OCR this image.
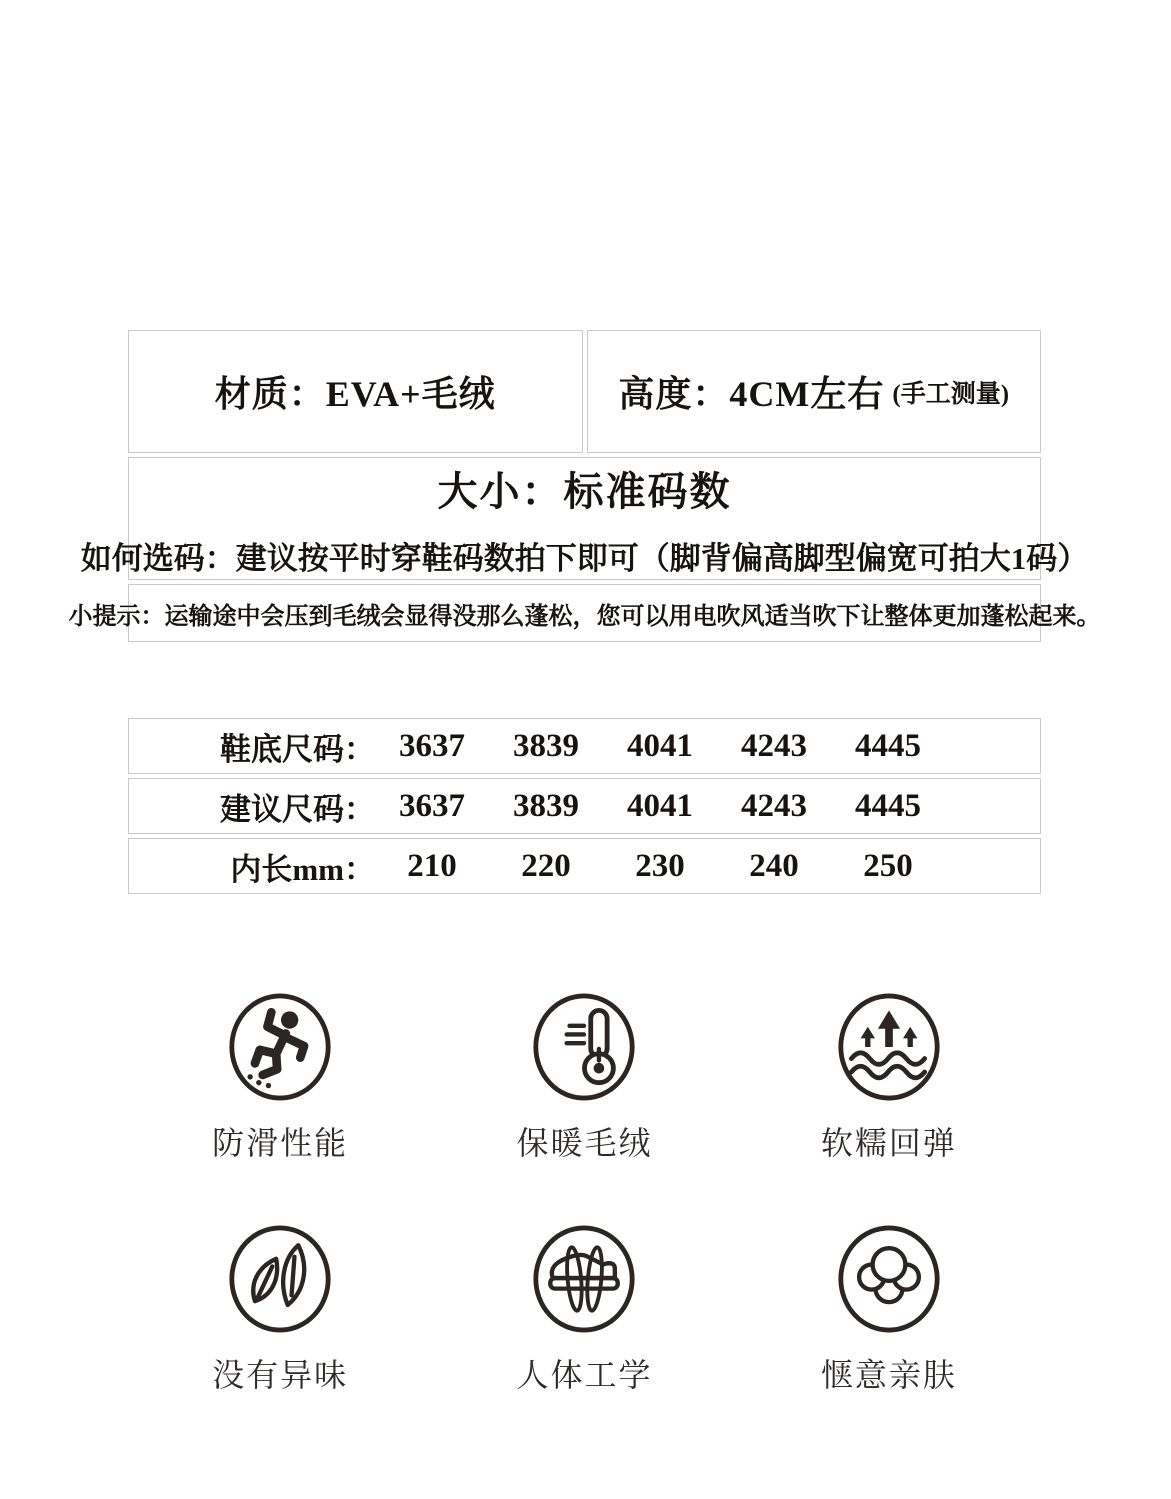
材质：EVA+毛绒	高度：4CM左右 (手工测量)
大小：标准码数
如何选码：建议按平时穿鞋码数拍下即可（脚背偏高脚型偏宽可拍大1码）
小提示：运输途中会压到毛绒会显得没那么蓬松，您可以用电吹风适当吹下让整体更加蓬松起来。
鞋底尺码： 3637	3839	4041	4243	4445
建议尺码： 3637	3839	4041	4243	4445
内长mm： 210	220	230	240	250
防滑性能	保暖毛绒	软糯回弹
没有异味	人体工学	惬意亲肤
